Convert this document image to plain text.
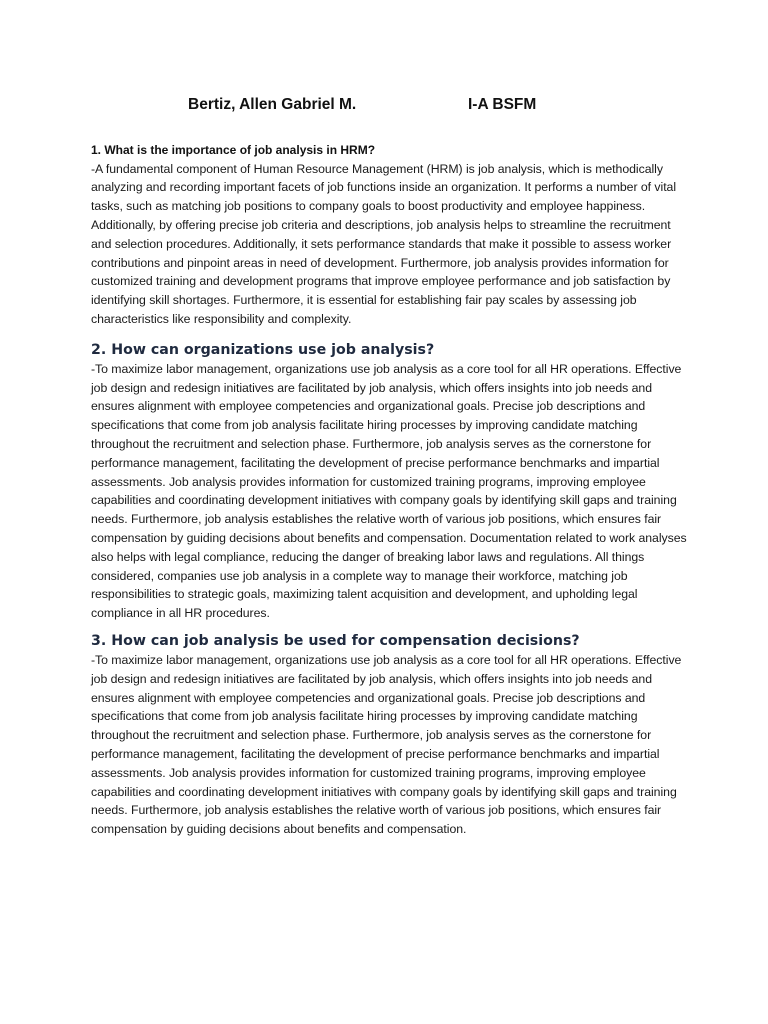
Bertiz, Allen Gabriel M.	I-A BSFM

1. What is the importance of job analysis in HRM?

-A fundamental component of Human Resource Management (HRM) is job analysis, which is methodically analyzing and recording important facets of job functions inside an organization. It performs a number of vital tasks, such as matching job positions to company goals to boost productivity and employee happiness. Additionally, by offering precise job criteria and descriptions, job analysis helps to streamline the recruitment and selection procedures. Additionally, it sets performance standards that make it possible to assess worker contributions and pinpoint areas in need of development. Furthermore, job analysis provides information for customized training and development programs that improve employee performance and job satisfaction by identifying skill shortages. Furthermore, it is essential for establishing fair pay scales by assessing job characteristics like responsibility and complexity.

2. How can organizations use job analysis?

-To maximize labor management, organizations use job analysis as a core tool for all HR operations. Effective job design and redesign initiatives are facilitated by job analysis, which offers insights into job needs and ensures alignment with employee competencies and organizational goals. Precise job descriptions and specifications that come from job analysis facilitate hiring processes by improving candidate matching throughout the recruitment and selection phase. Furthermore, job analysis serves as the cornerstone for performance management, facilitating the development of precise performance benchmarks and impartial assessments. Job analysis provides information for customized training programs, improving employee capabilities and coordinating development initiatives with company goals by identifying skill gaps and training needs. Furthermore, job analysis establishes the relative worth of various job positions, which ensures fair compensation by guiding decisions about benefits and compensation. Documentation related to work analyses also helps with legal compliance, reducing the danger of breaking labor laws and regulations. All things considered, companies use job analysis in a complete way to manage their workforce, matching job responsibilities to strategic goals, maximizing talent acquisition and development, and upholding legal compliance in all HR procedures.

3. How can job analysis be used for compensation decisions?

-To maximize labor management, organizations use job analysis as a core tool for all HR operations. Effective job design and redesign initiatives are facilitated by job analysis, which offers insights into job needs and ensures alignment with employee competencies and organizational goals. Precise job descriptions and specifications that come from job analysis facilitate hiring processes by improving candidate matching throughout the recruitment and selection phase. Furthermore, job analysis serves as the cornerstone for performance management, facilitating the development of precise performance benchmarks and impartial assessments. Job analysis provides information for customized training programs, improving employee capabilities and coordinating development initiatives with company goals by identifying skill gaps and training needs. Furthermore, job analysis establishes the relative worth of various job positions, which ensures fair compensation by guiding decisions about benefits and compensation.
